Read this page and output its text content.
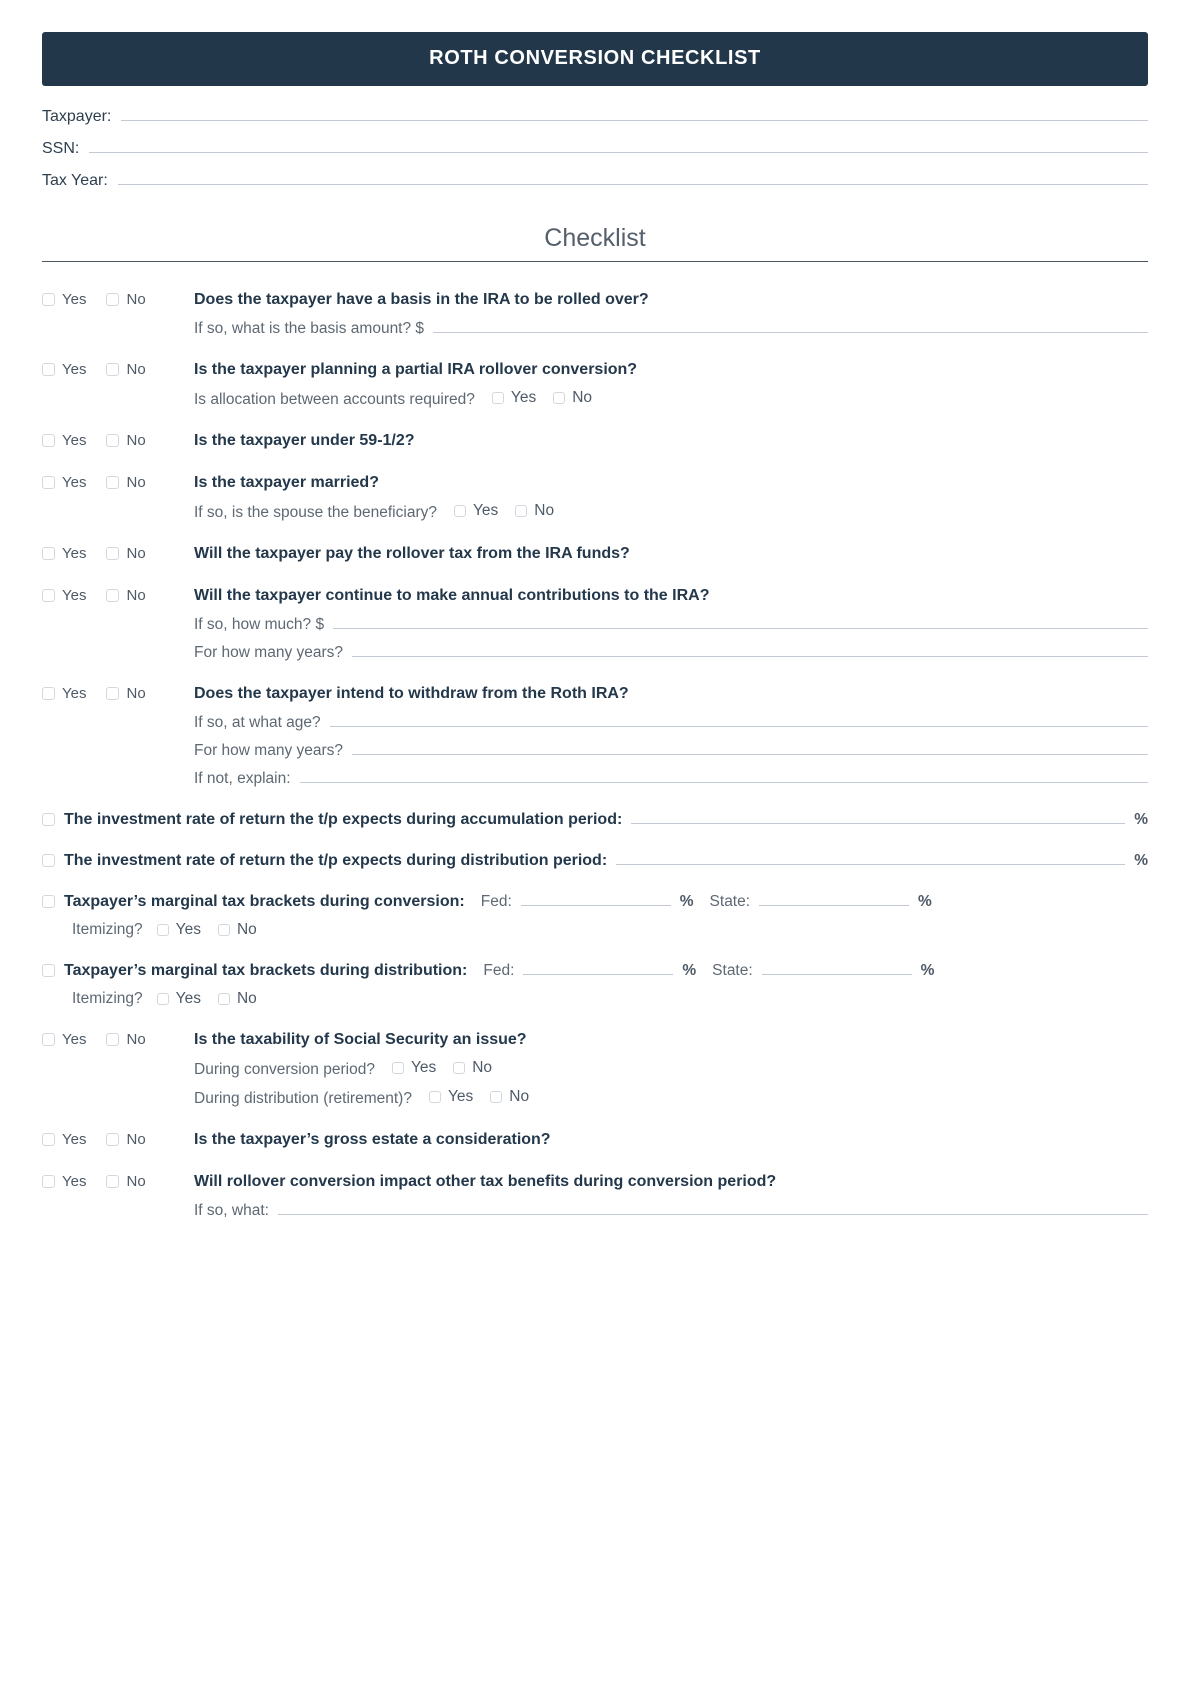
ROTH CONVERSION CHECKLIST
Taxpayer:
SSN:
Tax Year:
Checklist
Yes	No	Does the taxpayer have a basis in the IRA to be rolled over?
If so, what is the basis amount? $
Yes	No	Is the taxpayer planning a partial IRA rollover conversion?
Is allocation between accounts required? Yes No
Yes	No	Is the taxpayer under 59-1/2?
Yes	No	Is the taxpayer married?
If so, is the spouse the beneficiary? Yes No
Yes	No	Will the taxpayer pay the rollover tax from the IRA funds?
Yes	No	Will the taxpayer continue to make annual contributions to the IRA?
If so, how much? $
For how many years?
Yes	No	Does the taxpayer intend to withdraw from the Roth IRA?
If so, at what age?
For how many years?
If not, explain:
The investment rate of return the t/p expects during accumulation period:	%
The investment rate of return the t/p expects during distribution period:	%
Taxpayer’s marginal tax brackets during conversion: Fed:	% State:	%
Itemizing? Yes No
Taxpayer’s marginal tax brackets during distribution: Fed:	% State:	%
Itemizing? Yes No
Yes	No	Is the taxability of Social Security an issue?
During conversion period? Yes No
During distribution (retirement)? Yes No
Yes	No	Is the taxpayer’s gross estate a consideration?
Yes	No	Will rollover conversion impact other tax benefits during conversion period?
If so, what:
